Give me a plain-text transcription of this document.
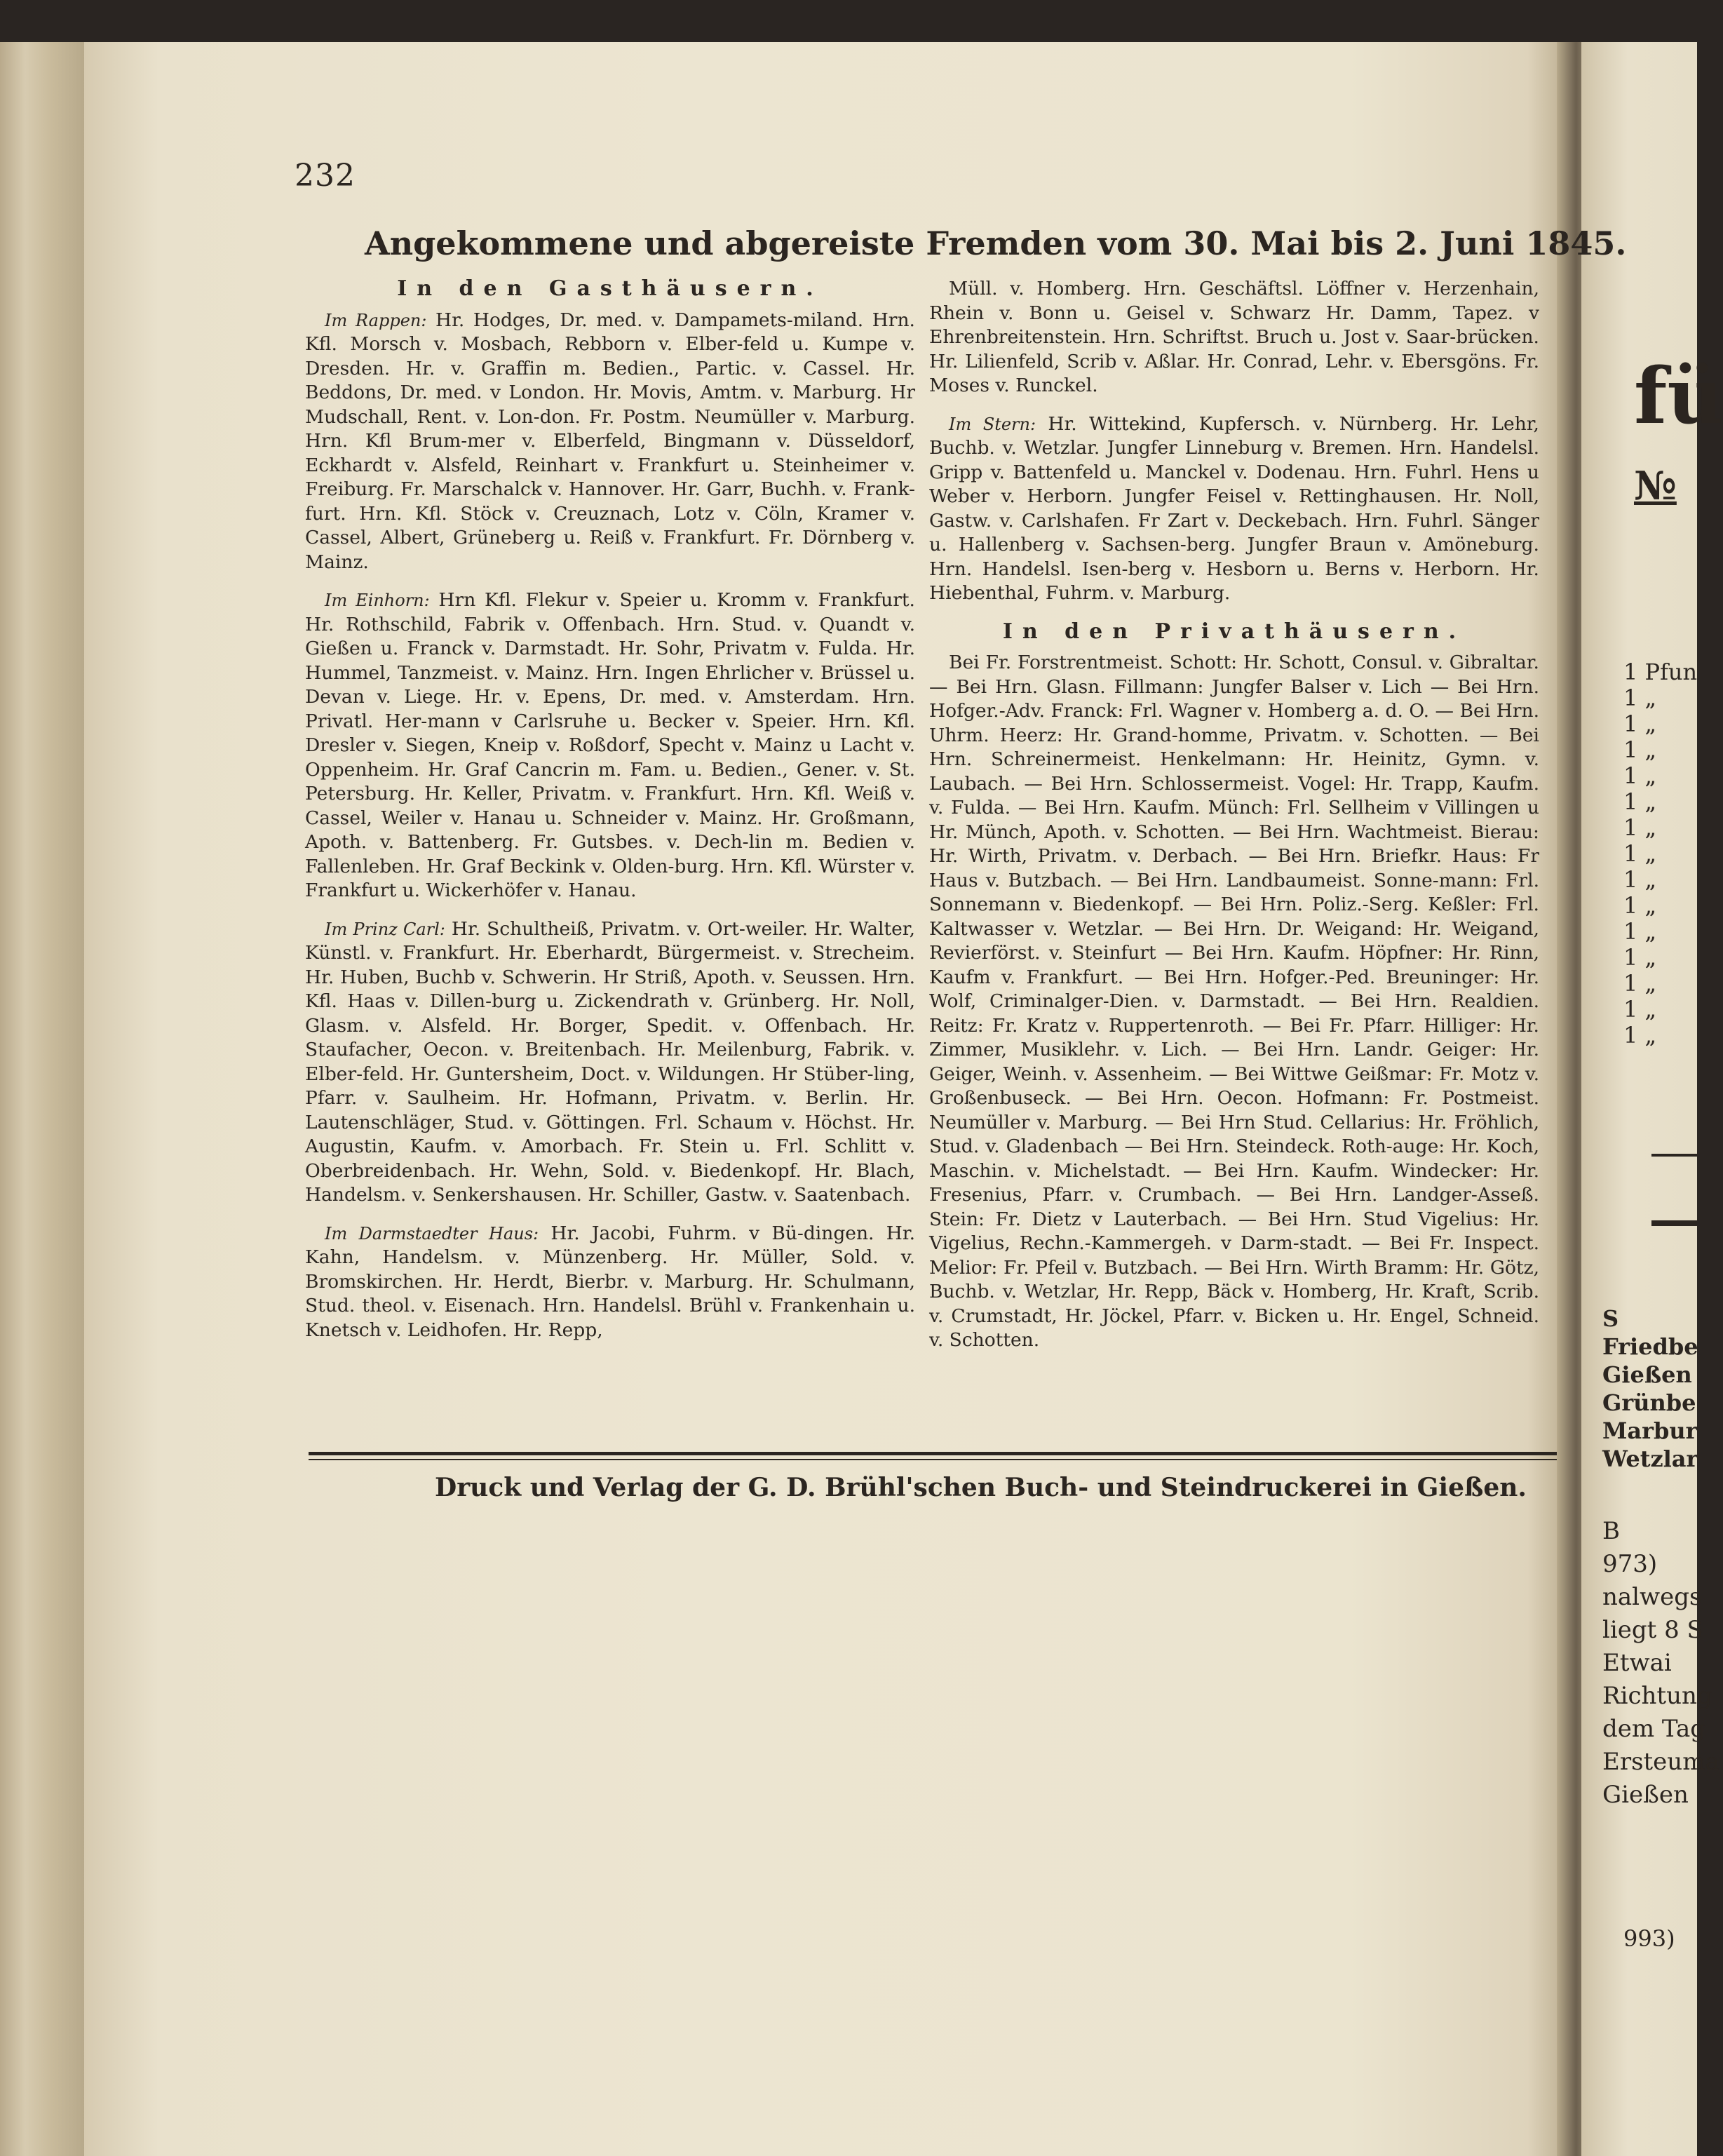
232
Angekommene und abgereiste Fremden vom 30. Mai bis 2. Juni 1845.
In den Gasthäusern.

Im Rappen: Hr. Hodges, Dr. med. v. Dampamets-miland. Hrn. Kfl. Morsch v. Mosbach, Rebborn v. Elber-feld u. Kumpe v. Dresden. Hr. v. Graffin m. Bedien., Partic. v. Cassel. Hr. Beddons, Dr. med. v London. Hr. Movis, Amtm. v. Marburg. Hr Mudschall, Rent. v. Lon-don. Fr. Postm. Neumüller v. Marburg. Hrn. Kfl Brum-mer v. Elberfeld, Bingmann v. Düsseldorf, Eckhardt v. Alsfeld, Reinhart v. Frankfurt u. Steinheimer v. Freiburg. Fr. Marschalck v. Hannover. Hr. Garr, Buchh. v. Frank-furt. Hrn. Kfl. Stöck v. Creuznach, Lotz v. Cöln, Kramer v. Cassel, Albert, Grüneberg u. Reiß v. Frankfurt. Fr. Dörnberg v. Mainz.

Im Einhorn: Hrn Kfl. Flekur v. Speier u. Kromm v. Frankfurt. Hr. Rothschild, Fabrik v. Offenbach. Hrn. Stud. v. Quandt v. Gießen u. Franck v. Darmstadt. Hr. Sohr, Privatm v. Fulda. Hr. Hummel, Tanzmeist. v. Mainz. Hrn. Ingen Ehrlicher v. Brüssel u. Devan v. Liege. Hr. v. Epens, Dr. med. v. Amsterdam. Hrn. Privatl. Her-mann v Carlsruhe u. Becker v. Speier. Hrn. Kfl. Dresler v. Siegen, Kneip v. Roßdorf, Specht v. Mainz u Lacht v. Oppenheim. Hr. Graf Cancrin m. Fam. u. Bedien., Gener. v. St. Petersburg. Hr. Keller, Privatm. v. Frankfurt. Hrn. Kfl. Weiß v. Cassel, Weiler v. Hanau u. Schneider v. Mainz. Hr. Großmann, Apoth. v. Battenberg. Fr. Gutsbes. v. Dech-lin m. Bedien v. Fallenleben. Hr. Graf Beckink v. Olden-burg. Hrn. Kfl. Würster v. Frankfurt u. Wickerhöfer v. Hanau.

Im Prinz Carl: Hr. Schultheiß, Privatm. v. Ort-weiler. Hr. Walter, Künstl. v. Frankfurt. Hr. Eberhardt, Bürgermeist. v. Strecheim. Hr. Huben, Buchb v. Schwerin. Hr Striß, Apoth. v. Seussen. Hrn. Kfl. Haas v. Dillen-burg u. Zickendrath v. Grünberg. Hr. Noll, Glasm. v. Alsfeld. Hr. Borger, Spedit. v. Offenbach. Hr. Staufacher, Oecon. v. Breitenbach. Hr. Meilenburg, Fabrik. v. Elber-feld. Hr. Guntersheim, Doct. v. Wildungen. Hr Stüber-ling, Pfarr. v. Saulheim. Hr. Hofmann, Privatm. v. Berlin. Hr. Lautenschläger, Stud. v. Göttingen. Frl. Schaum v. Höchst. Hr. Augustin, Kaufm. v. Amorbach. Fr. Stein u. Frl. Schlitt v. Oberbreidenbach. Hr. Wehn, Sold. v. Biedenkopf. Hr. Blach, Handelsm. v. Senkershausen. Hr. Schiller, Gastw. v. Saatenbach.

Im Darmstaedter Haus: Hr. Jacobi, Fuhrm. v Bü-dingen. Hr. Kahn, Handelsm. v. Münzenberg. Hr. Müller, Sold. v. Bromskirchen. Hr. Herdt, Bierbr. v. Marburg. Hr. Schulmann, Stud. theol. v. Eisenach. Hrn. Handelsl. Brühl v. Frankenhain u. Knetsch v. Leidhofen. Hr. Repp,

Müll. v. Homberg. Hrn. Geschäftsl. Löffner v. Herzenhain, Rhein v. Bonn u. Geisel v. Schwarz Hr. Damm, Tapez. v Ehrenbreitenstein. Hrn. Schriftst. Bruch u. Jost v. Saar-brücken. Hr. Lilienfeld, Scrib v. Aßlar. Hr. Conrad, Lehr. v. Ebersgöns. Fr. Moses v. Runckel.

Im Stern: Hr. Wittekind, Kupfersch. v. Nürnberg. Hr. Lehr, Buchb. v. Wetzlar. Jungfer Linneburg v. Bremen. Hrn. Handelsl. Gripp v. Battenfeld u. Manckel v. Dodenau. Hrn. Fuhrl. Hens u Weber v. Herborn. Jungfer Feisel v. Rettinghausen. Hr. Noll, Gastw. v. Carlshafen. Fr Zart v. Deckebach. Hrn. Fuhrl. Sänger u. Hallenberg v. Sachsen-berg. Jungfer Braun v. Amöneburg. Hrn. Handelsl. Isen-berg v. Hesborn u. Berns v. Herborn. Hr. Hiebenthal, Fuhrm. v. Marburg.

In den Privathäusern.

Bei Fr. Forstrentmeist. Schott: Hr. Schott, Consul. v. Gibraltar. — Bei Hrn. Glasn. Fillmann: Jungfer Balser v. Lich — Bei Hrn. Hofger.-Adv. Franck: Frl. Wagner v. Homberg a. d. O. — Bei Hrn. Uhrm. Heerz: Hr. Grand-homme, Privatm. v. Schotten. — Bei Hrn. Schreinermeist. Henkelmann: Hr. Heinitz, Gymn. v. Laubach. — Bei Hrn. Schlossermeist. Vogel: Hr. Trapp, Kaufm. v. Fulda. — Bei Hrn. Kaufm. Münch: Frl. Sellheim v Villingen u Hr. Münch, Apoth. v. Schotten. — Bei Hrn. Wachtmeist. Bierau: Hr. Wirth, Privatm. v. Derbach. — Bei Hrn. Briefkr. Haus: Fr Haus v. Butzbach. — Bei Hrn. Landbaumeist. Sonne-mann: Frl. Sonnemann v. Biedenkopf. — Bei Hrn. Poliz.-Serg. Keßler: Frl. Kaltwasser v. Wetzlar. — Bei Hrn. Dr. Weigand: Hr. Weigand, Revierförst. v. Steinfurt — Bei Hrn. Kaufm. Höpfner: Hr. Rinn, Kaufm v. Frankfurt. — Bei Hrn. Hofger.-Ped. Breuninger: Hr. Wolf, Criminalger-Dien. v. Darmstadt. — Bei Hrn. Realdien. Reitz: Fr. Kratz v. Ruppertenroth. — Bei Fr. Pfarr. Hilliger: Hr. Zimmer, Musiklehr. v. Lich. — Bei Hrn. Landr. Geiger: Hr. Geiger, Weinh. v. Assenheim. — Bei Wittwe Geißmar: Fr. Motz v. Großenbuseck. — Bei Hrn. Oecon. Hofmann: Fr. Postmeist. Neumüller v. Marburg. — Bei Hrn Stud. Cellarius: Hr. Fröhlich, Stud. v. Gladenbach — Bei Hrn. Steindeck. Roth-auge: Hr. Koch, Maschin. v. Michelstadt. — Bei Hrn. Kaufm. Windecker: Hr. Fresenius, Pfarr. v. Crumbach. — Bei Hrn. Landger-Asseß. Stein: Fr. Dietz v Lauterbach. — Bei Hrn. Stud Vigelius: Hr. Vigelius, Rechn.-Kammergeh. v Darm-stadt. — Bei Fr. Inspect. Melior: Fr. Pfeil v. Butzbach. — Bei Hrn. Wirth Bramm: Hr. Götz, Buchb. v. Wetzlar, Hr. Repp, Bäck v. Homberg, Hr. Kraft, Scrib. v. Crumstadt, Hr. Jöckel, Pfarr. v. Bicken u. Hr. Engel, Schneid. v. Schotten.

Druck und Verlag der G. D. Brühl'schen Buch- und Steindruckerei in Gießen.
fü
№
1 Pfun
1 „
1 „
1 „
1 „
1 „
1 „
1 „
1 „
1 „
1 „
1 „
1 „
1 „
1 „
S
Friedbe
Gießen
Grünbe
Marbur
Wetzlar
B
973)
nalwegs
liegt 8 S
Etwai
Richtung
dem Tag
Ersteuma
Gießen
993)
